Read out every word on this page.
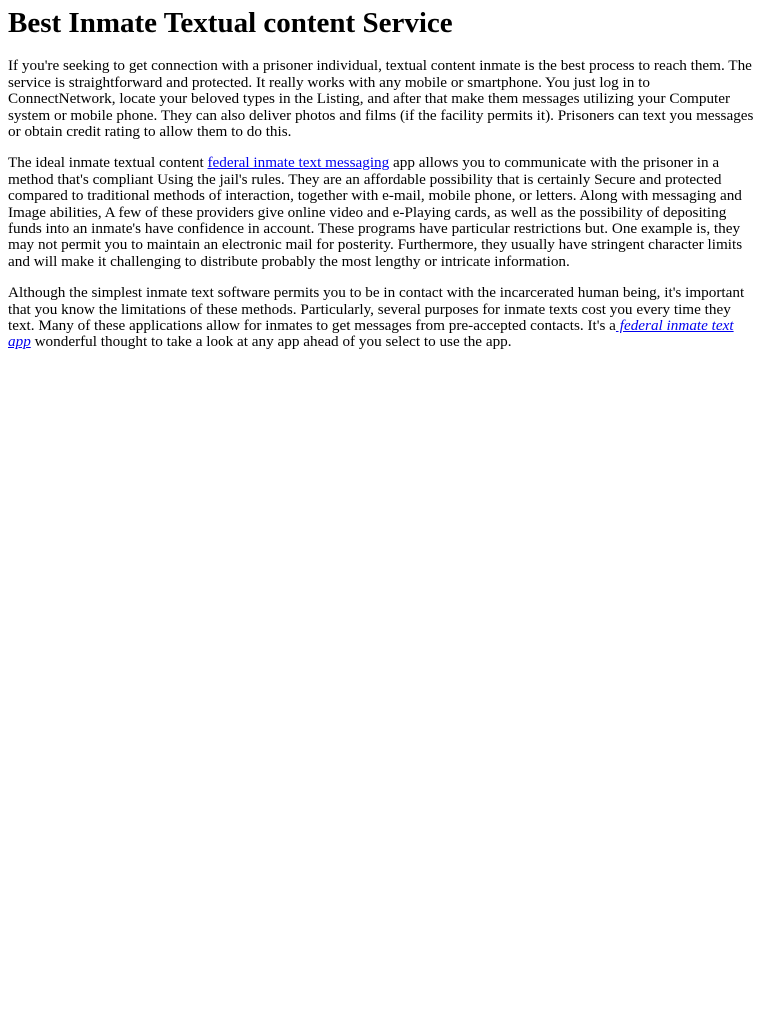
Best Inmate Textual content Service

If you're seeking to get connection with a prisoner individual, textual content inmate is the best process to reach them. The service is straightforward and protected. It really works with any mobile or smartphone. You just log in to ConnectNetwork, locate your beloved types in the Listing, and after that make them messages utilizing your Computer system or mobile phone. They can also deliver photos and films (if the facility permits it). Prisoners can text you messages or obtain credit rating to allow them to do this.

The ideal inmate textual content federal inmate text messaging app allows you to communicate with the prisoner in a method that's compliant Using the jail's rules. They are an affordable possibility that is certainly Secure and protected compared to traditional methods of interaction, together with e-mail, mobile phone, or letters. Along with messaging and Image abilities, A few of these providers give online video and e-Playing cards, as well as the possibility of depositing funds into an inmate's have confidence in account. These programs have particular restrictions but. One example is, they may not permit you to maintain an electronic mail for posterity. Furthermore, they usually have stringent character limits and will make it challenging to distribute probably the most lengthy or intricate information.

Although the simplest inmate text software permits you to be in contact with the incarcerated human being, it's important that you know the limitations of these methods. Particularly, several purposes for inmate texts cost you every time they text. Many of these applications allow for inmates to get messages from pre-accepted contacts. It's a federal inmate text app wonderful thought to take a look at any app ahead of you select to use the app.
